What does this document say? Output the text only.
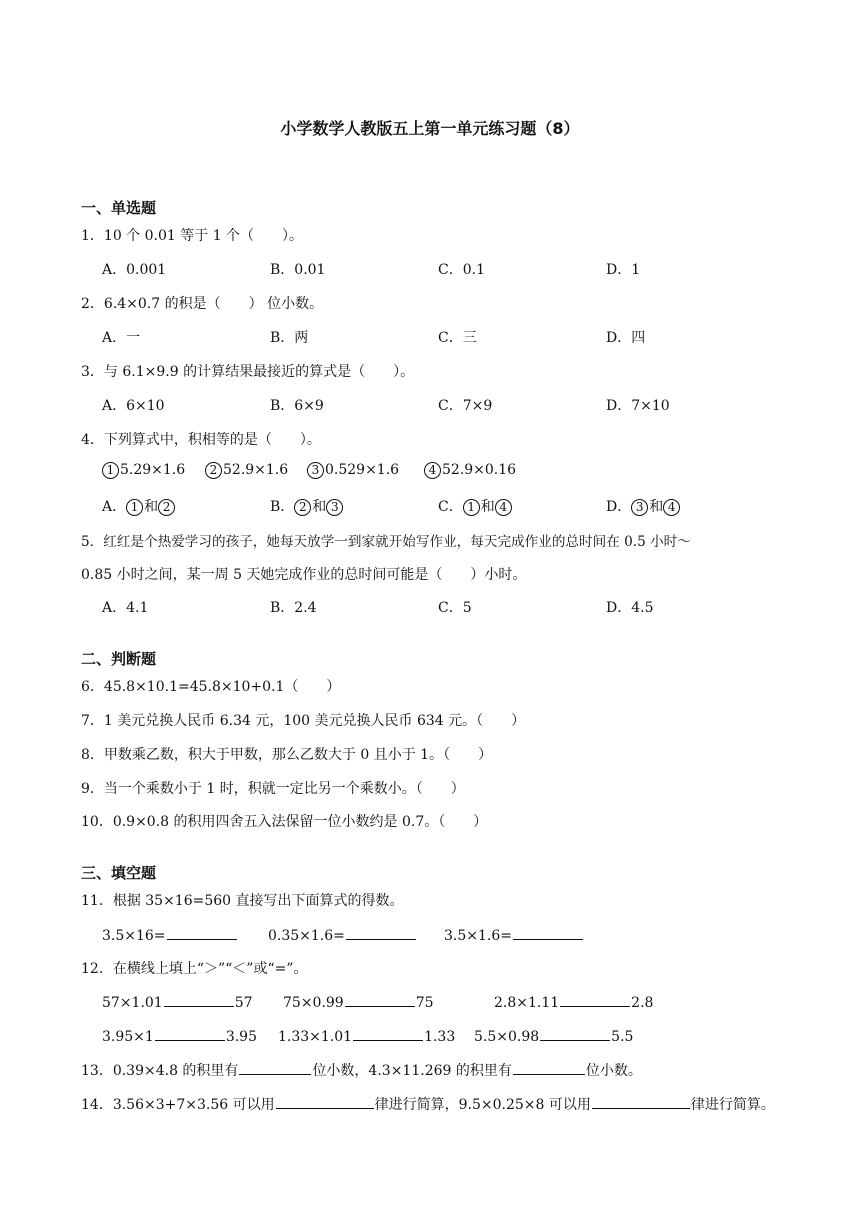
小学数学人教版五上第一单元练习题（8）
一、单选题
1．10 个 0.01 等于 1 个（　　）。
A．0.001	B．0.01	C．0.1	D．1
2．6.4×0.7 的积是（　　） 位小数。
A．一	B．两	C．三	D．四
3．与 6.1×9.9 的计算结果最接近的算式是（　　）。
A．6×10	B．6×9	C．7×9	D．7×10
4．下列算式中，积相等的是（　　）。
1 5.29×1.6	2 52.9×1.6	3 0.529×1.6	4 52.9×0.16
A． 1 和 2	B． 2 和 3	C． 1 和 4	D． 3 和 4
5．红红是个热爱学习的孩子，她每天放学一到家就开始写作业，每天完成作业的总时间在 0.5 小时～
0.85 小时之间，某一周 5 天她完成作业的总时间可能是（　　）小时。
A．4.1	B．2.4	C．5	D．4.5
二、判断题
6．45.8×10.1=45.8×10+0.1（　　）
7．1 美元兑换人民币 6.34 元，100 美元兑换人民币 634 元。（　　）
8．甲数乘乙数，积大于甲数，那么乙数大于 0 且小于 1。（　　）
9．当一个乘数小于 1 时，积就一定比另一个乘数小。（　　）
10．0.9×0.8 的积用四舍五入法保留一位小数约是 0.7。（　　）
三、填空题
11．根据 35×16=560 直接写出下面算式的得数。
3.5×16=	0.35×1.6=	3.5×1.6=
12．在横线上填上“＞”“＜”或“=”。
57×1.01	57 75×0.99	75	2.8×1.11	2.8
3.95×1	3.95 1.33×1.01	1.33 5.5×0.98	5.5
13．0.39×4.8 的积里有	位小数，4.3×11.269 的积里有	位小数。
14．3.56×3+7×3.56 可以用	律进行简算，9.5×0.25×8 可以用	律进行简算。
